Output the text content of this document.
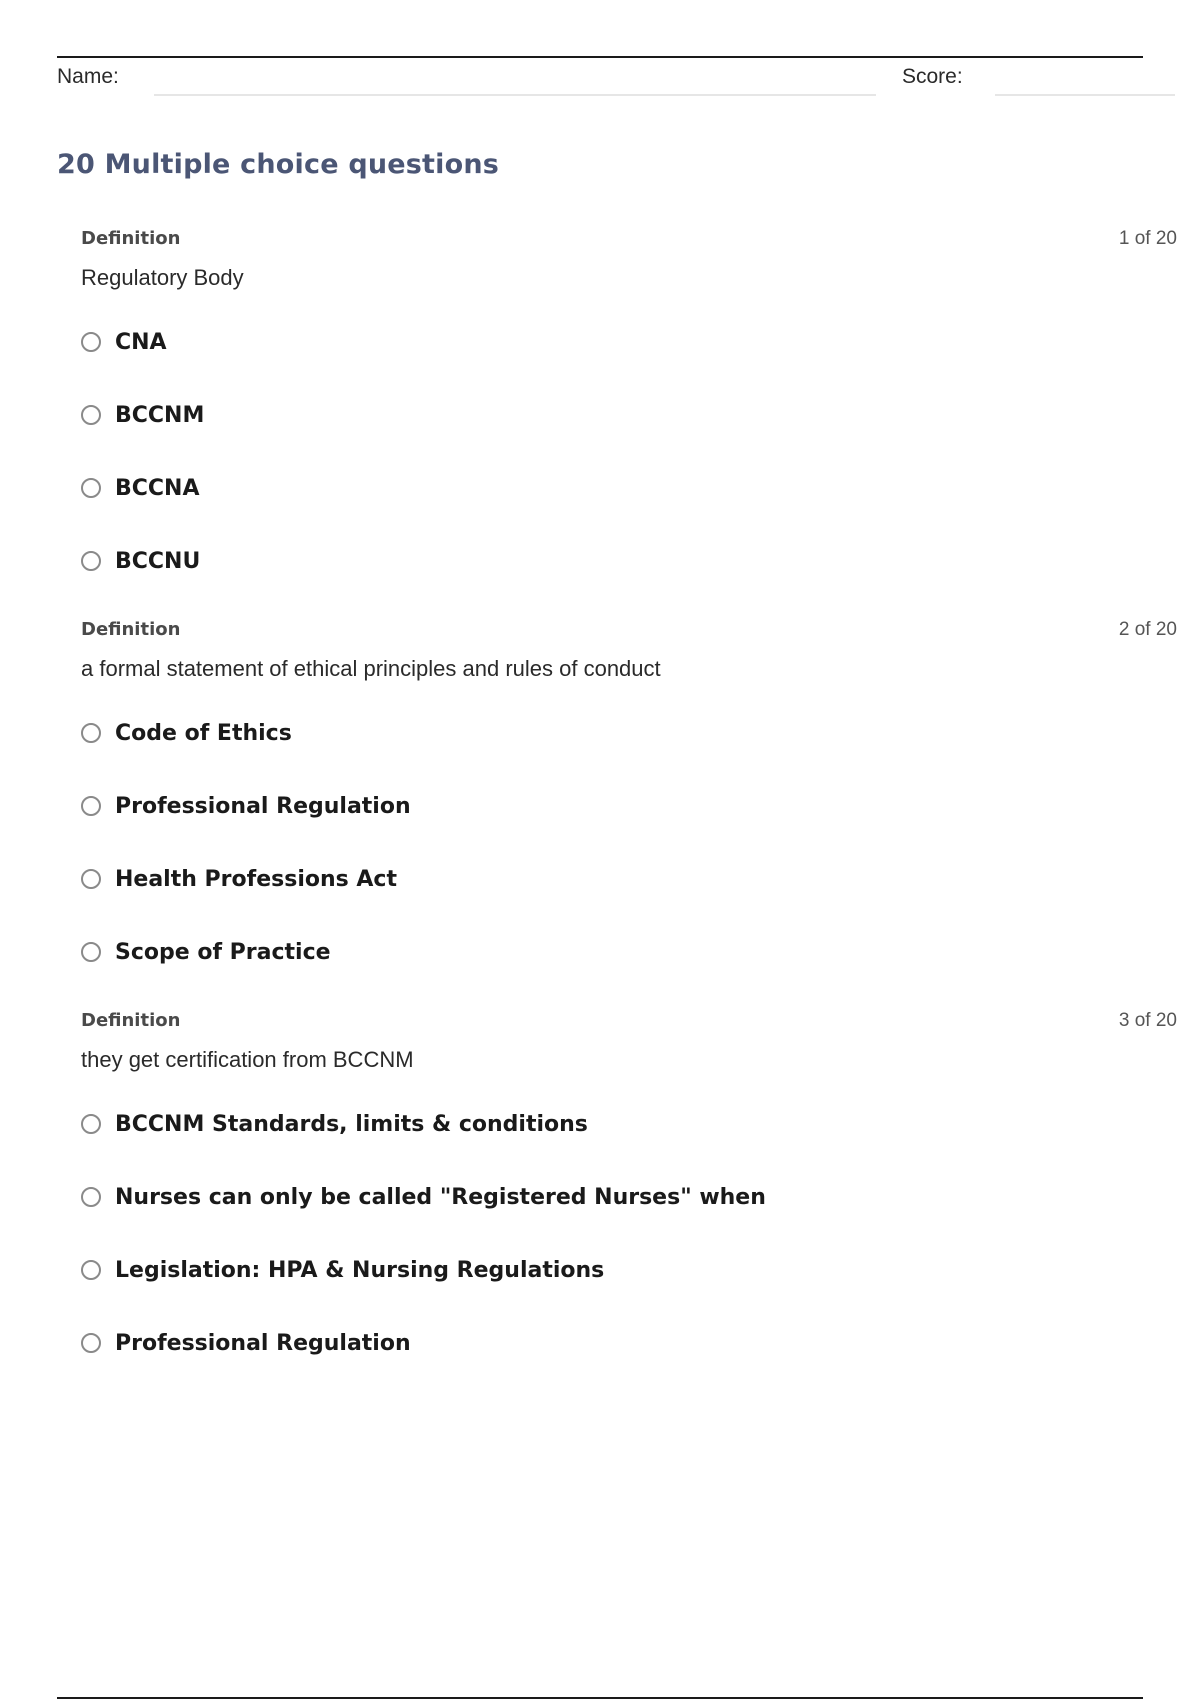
Name:	Score:
20 Multiple choice questions
Definition	1 of 20
Regulatory Body
CNA
BCCNM
BCCNA
BCCNU
Definition	2 of 20
a formal statement of ethical principles and rules of conduct
Code of Ethics
Professional Regulation
Health Professions Act
Scope of Practice
Definition	3 of 20
they get certification from BCCNM
BCCNM Standards, limits & conditions
Nurses can only be called "Registered Nurses" when
Legislation: HPA & Nursing Regulations
Professional Regulation
